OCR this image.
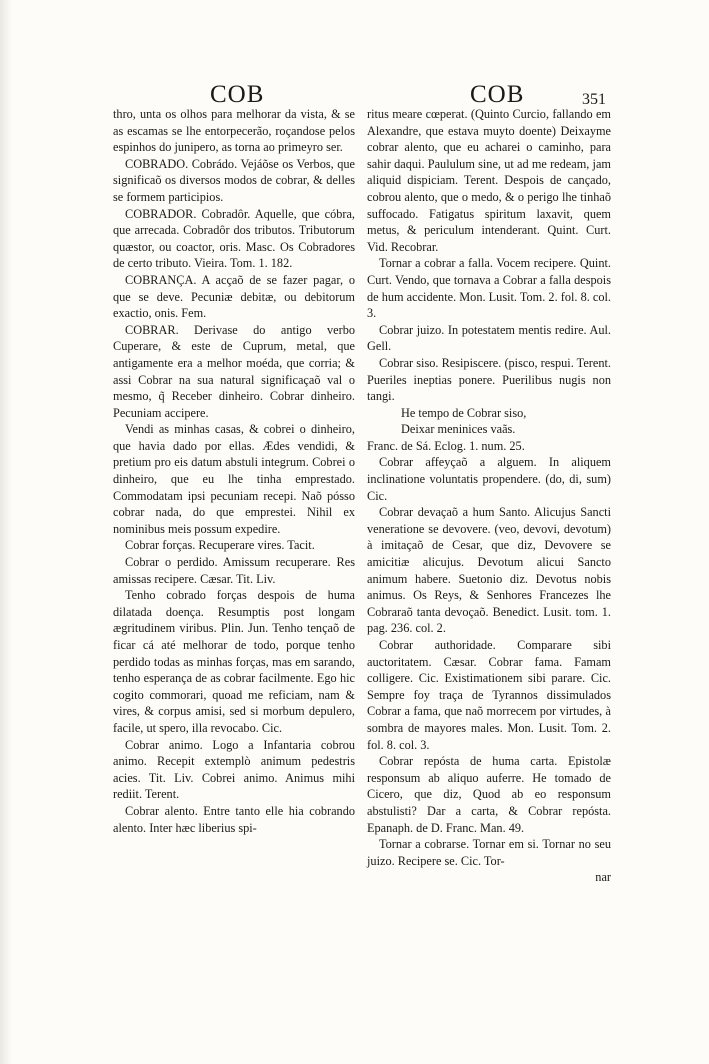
COB	COB	351

thro, unta os olhos para melhorar da vista, & se as escamas se lhe entorpecerão, roçandose pelos espinhos do junipero, as torna ao primeyro ser.

COBRADO. Cobrádo. Vejáõse os Verbos, que significaõ os diversos modos de cobrar, & delles se formem participios.

COBRADOR. Cobradôr. Aquelle, que cóbra, que arrecada. Cobradôr dos tributos. Tributorum quæstor, ou coactor, oris. Masc. Os Cobradores de certo tributo. Vieira. Tom. 1. 182.

COBRANÇA. A acçaõ de se fazer pagar, o que se deve. Pecuniæ debitæ, ou debitorum exactio, onis. Fem.

COBRAR. Derivase do antigo verbo Cuperare, & este de Cuprum, metal, que antigamente era a melhor moéda, que corria; & assi Cobrar na sua natural significaçaõ val o mesmo, q̃ Receber dinheiro. Cobrar dinheiro. Pecuniam accipere.

Vendi as minhas casas, & cobrei o dinheiro, que havia dado por ellas. Ædes vendidi, & pretium pro eis datum abstuli integrum. Cobrei o dinheiro, que eu lhe tinha emprestado. Commodatam ipsi pecuniam recepi. Naõ pósso cobrar nada, do que emprestei. Nihil ex nominibus meis possum expedire.

Cobrar forças. Recuperare vires. Tacit.

Cobrar o perdido. Amissum recuperare. Res amissas recipere. Cæsar. Tit. Liv.

Tenho cobrado forças despois de huma dilatada doença. Resumptis post longam ægritudinem viribus. Plin. Jun. Tenho tençaõ de ficar cá até melhorar de todo, porque tenho perdido todas as minhas forças, mas em sarando, tenho esperança de as cobrar facilmente. Ego hic cogito commorari, quoad me reficiam, nam & vires, & corpus amisi, sed si morbum depulero, facile, ut spero, illa revocabo. Cic.

Cobrar animo. Logo a Infantaria cobrou animo. Recepit extemplò animum pedestris acies. Tit. Liv. Cobrei animo. Animus mihi rediit. Terent.

Cobrar alento. Entre tanto elle hia cobrando alento. Inter hæc liberius spi-

ritus meare cœperat. (Quinto Curcio, fallando em Alexandre, que estava muyto doente) Deixayme cobrar alento, que eu acharei o caminho, para sahir daqui. Paululum sine, ut ad me redeam, jam aliquid dispiciam. Terent. Despois de cançado, cobrou alento, que o medo, & o perigo lhe tinhaõ suffocado. Fatigatus spiritum laxavit, quem metus, & periculum intenderant. Quint. Curt. Vid. Recobrar.

Tornar a cobrar a falla. Vocem recipere. Quint. Curt. Vendo, que tornava a Cobrar a falla despois de hum accidente. Mon. Lusit. Tom. 2. fol. 8. col. 3.

Cobrar juizo. In potestatem mentis redire. Aul. Gell.

Cobrar siso. Resipiscere. (pisco, respui. Terent. Pueriles ineptias ponere. Puerilibus nugis non tangi.

He tempo de Cobrar siso,

Deixar meninices vaãs.

Franc. de Sá. Eclog. 1. num. 25.

Cobrar affeyçaõ a alguem. In aliquem inclinatione voluntatis propendere. (do, di, sum) Cic.

Cobrar devaçaõ a hum Santo. Alicujus Sancti veneratione se devovere. (veo, devovi, devotum) à imitaçaõ de Cesar, que diz, Devovere se amicitiæ alicujus. Devotum alicui Sancto animum habere. Suetonio diz. Devotus nobis animus. Os Reys, & Senhores Francezes lhe Cobraraõ tanta devoçaõ. Benedict. Lusit. tom. 1. pag. 236. col. 2.

Cobrar authoridade. Comparare sibi auctoritatem. Cæsar. Cobrar fama. Famam colligere. Cic. Existimationem sibi parare. Cic. Sempre foy traça de Tyrannos dissimulados Cobrar a fama, que naõ morrecem por virtudes, à sombra de mayores males. Mon. Lusit. Tom. 2. fol. 8. col. 3.

Cobrar repósta de huma carta. Epistolæ responsum ab aliquo auferre. He tomado de Cicero, que diz, Quod ab eo responsum abstulisti? Dar a carta, & Cobrar repósta. Epanaph. de D. Franc. Man. 49.

Tornar a cobrarse. Tornar em si. Tornar no seu juizo. Recipere se. Cic. Tor-

nar
